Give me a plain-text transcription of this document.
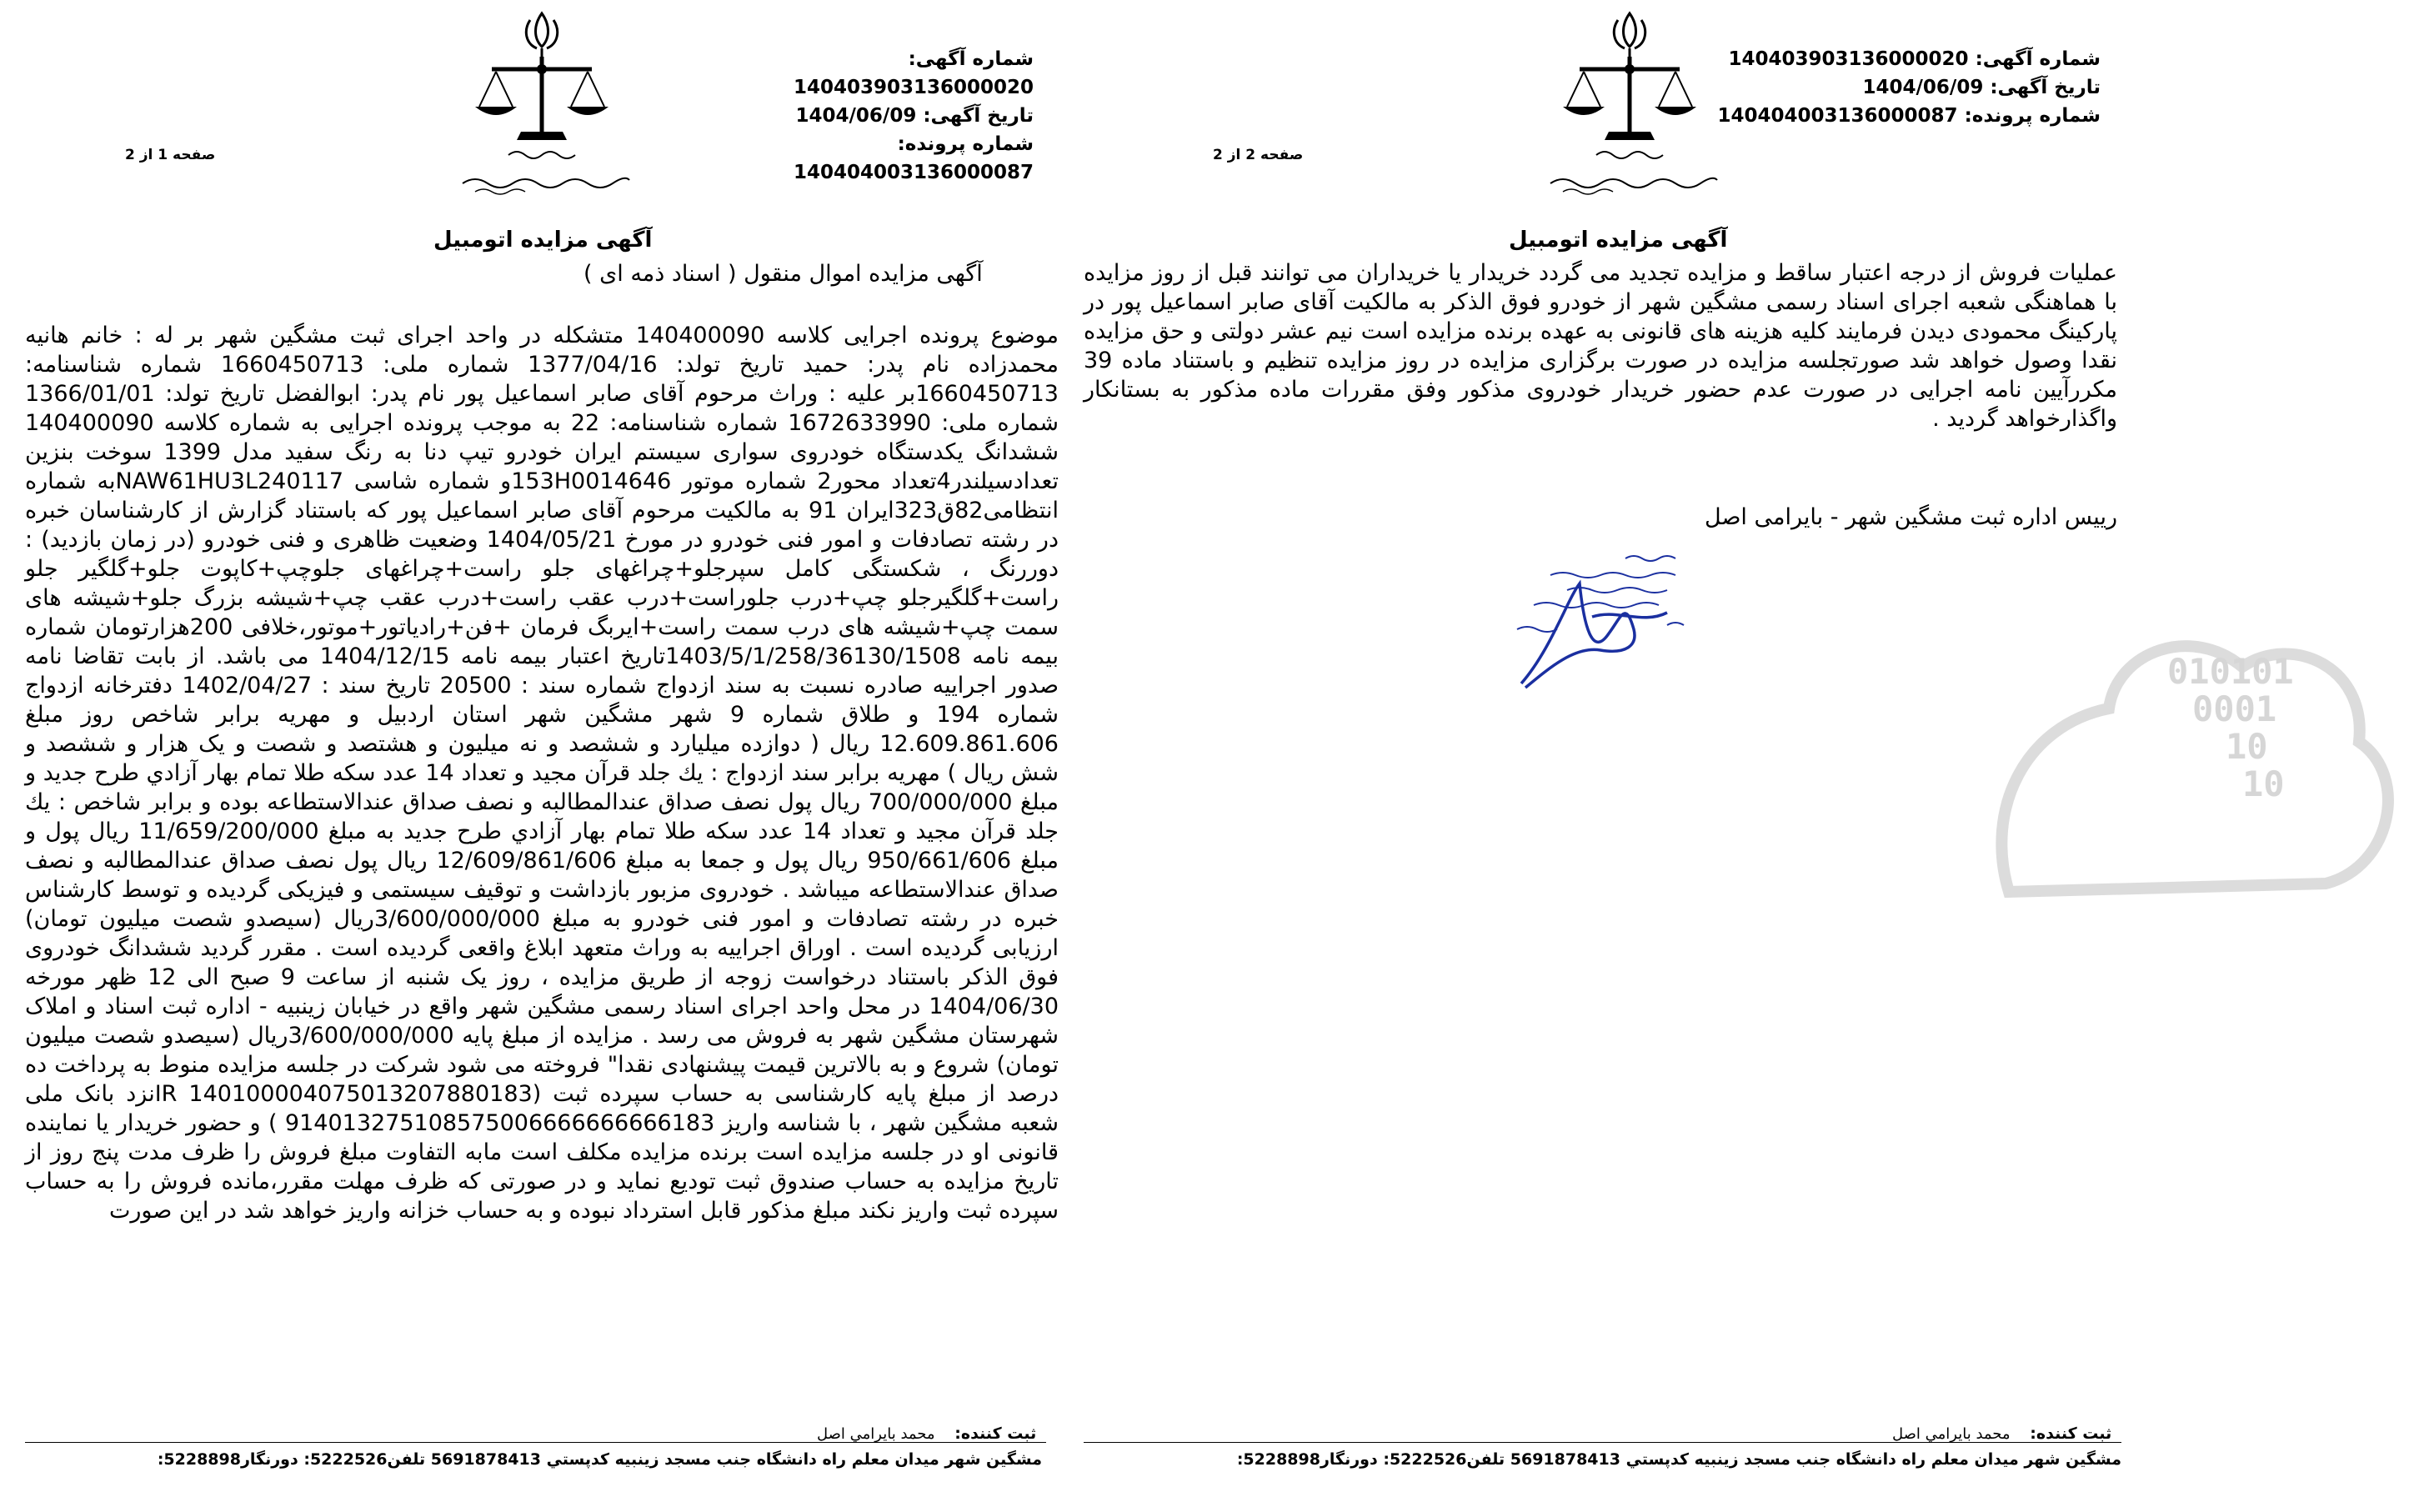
شماره آگهی: 140403903136000020
تاریخ آگهی: 1404/06/09
شماره پرونده: 140404003136000087
صفحه 1 از 2
آگهی مزایده اتومبیل
آگهی مزایده اموال منقول ( اسناد ذمه ای )
موضوع پرونده اجرایی کلاسه 140400090 متشکله در واحد اجرای ثبت مشگین شهر بر له : خانم هانیه محمدزاده نام پدر: حمید تاریخ تولد: 1377/04/16 شماره ملی: 1660450713 شماره شناسنامه: 1660450713بر علیه : وراث مرحوم آقای صابر اسماعیل پور نام پدر: ابوالفضل تاریخ تولد: 1366/01/01 شماره ملی: 1672633990 شماره شناسنامه: 22 به موجب پرونده اجرایی به شماره کلاسه 140400090 ششدانگ یکدستگاه خودروی سواری سیستم ایران خودرو تیپ دنا به رنگ سفید مدل 1399 سوخت بنزین تعدادسیلندر4تعداد محور2 شماره موتور 153H0014646و شماره شاسی NAW61HU3L240117به شماره انتظامی82ق323ایران 91 به مالکیت مرحوم آقای صابر اسماعیل پور که باستناد گزارش از کارشناسان خبره در رشته تصادفات و امور فنی خودرو در مورخ 1404/05/21 وضعیت ظاهری و فنی خودرو (در زمان بازدید) : دوررنگ ، شکستگی کامل سپرجلو+چراغهای جلو راست+چراغهای جلوچپ+کاپوت جلو+گلگیر جلو راست+گلگیرجلو چپ+درب جلوراست+درب عقب راست+درب عقب چپ+شیشه بزرگ جلو+شیشه های سمت چپ+شیشه های درب سمت راست+ایربگ فرمان +فن+رادیاتور+موتور،خلافی 200هزارتومان شماره بیمه نامه 1403/5/1/258/36130/1508تاریخ اعتبار بیمه نامه 1404/12/15 می باشد. از بابت تقاضا نامه صدور اجراییه صادره نسبت به سند ازدواج شماره سند : 20500 تاریخ سند : 1402/04/27 دفترخانه ازدواج شماره 194 و طلاق شماره 9 شهر مشگین شهر استان اردبیل و مهریه برابر شاخص روز مبلغ 12.609.861.606 ریال ( دوازده میلیارد و ششصد و نه میلیون و هشتصد و شصت و یک هزار و ششصد و شش ریال ) مهریه برابر سند ازدواج : یك جلد قرآن مجيد و تعداد 14 عدد سكه طلا تمام بهار آزادي طرح جديد و مبلغ 700/000/000 ریال پول نصف صداق عندالمطالبه و نصف صداق عندالاستطاعه بوده و برابر شاخص : يك جلد قرآن مجيد و تعداد 14 عدد سكه طلا تمام بهار آزادي طرح جديد به مبلغ 11/659/200/000 ریال پول و مبلغ 950/661/606 ریال پول و جمعا به مبلغ 12/609/861/606 ریال پول نصف صداق عندالمطالبه و نصف صداق عندالاستطاعه میباشد . خودروی مزبور بازداشت و توقیف سیستمی و فیزیکی گردیده و توسط کارشناس خبره در رشته تصادفات و امور فنی خودرو به مبلغ 3/600/000/000ریال (سیصدو شصت میلیون تومان) ارزیابی گردیده است . اوراق اجراییه به وراث متعهد ابلاغ واقعی گردیده است . مقرر گردید ششدانگ خودروی فوق الذکر باستناد درخواست زوجه از طریق مزایده ، روز یک شنبه از ساعت 9 صبح الی 12 ظهر مورخه 1404/06/30 در محل واحد اجرای اسناد رسمی مشگین شهر واقع در خیابان زینبیه - اداره ثبت اسناد و املاک شهرستان مشگین شهر به فروش می رسد . مزایده از مبلغ پایه 3/600/000/000ریال (سیصدو شصت میلیون تومان) شروع و به بالاترین قیمت پیشنهادی نقدا" فروخته می شود شرکت در جلسه مزایده منوط به پرداخت ده درصد از مبلغ پایه کارشناسی به حساب سپرده ثبت (IR 140100004075013207880183نزد بانک ملی شعبه مشگین شهر ، با شناسه واریز 914013275108575006666666666183 ) و حضور خریدار یا نماینده قانونی او در جلسه مزایده است برنده مزایده مکلف است مابه التفاوت مبلغ فروش را ظرف مدت پنج روز از تاریخ مزایده به حساب صندوق ثبت تودیع نماید و در صورتی که ظرف مهلت مقرر،مانده فروش را به حساب سپرده ثبت واریز نکند مبلغ مذکور قابل استرداد نبوده و به حساب خزانه واریز خواهد شد در این صورت
ثبت کننده: محمد بايرامي اصل
مشگین شهر میدان معلم راه دانشگاه جنب مسجد زینبیه کدپستي 5691878413 تلفن5222526: دورنگار5228898:
شماره آگهی: 140403903136000020
تاریخ آگهی: 1404/06/09
شماره پرونده: 140404003136000087
صفحه 2 از 2
آگهی مزایده اتومبیل
عملیات فروش از درجه اعتبار ساقط و مزایده تجدید می گردد خریدار یا خریداران می توانند قبل از روز مزایده با هماهنگی شعبه اجرای اسناد رسمی مشگین شهر از خودرو فوق الذکر به مالکیت آقای صابر اسماعیل پور در پارکینگ محمودی دیدن فرمایند کلیه هزینه های قانونی به عهده برنده مزایده است نیم عشر دولتی و حق مزایده نقدا وصول خواهد شد صورتجلسه مزایده در صورت برگزاری مزایده در روز مزایده تنظیم و باستناد ماده 39 مکررآیین نامه اجرایی در صورت عدم حضور خریدار خودروی مذکور وفق مقررات ماده مذکور به بستانکار واگذارخواهد گردید .
رییس اداره ثبت مشگین شهر - بایرامی اصل
010101
0001
10
10
ثبت کننده: محمد بايرامي اصل
مشگین شهر میدان معلم راه دانشگاه جنب مسجد زینبیه کدپستي 5691878413 تلفن5222526: دورنگار5228898:
